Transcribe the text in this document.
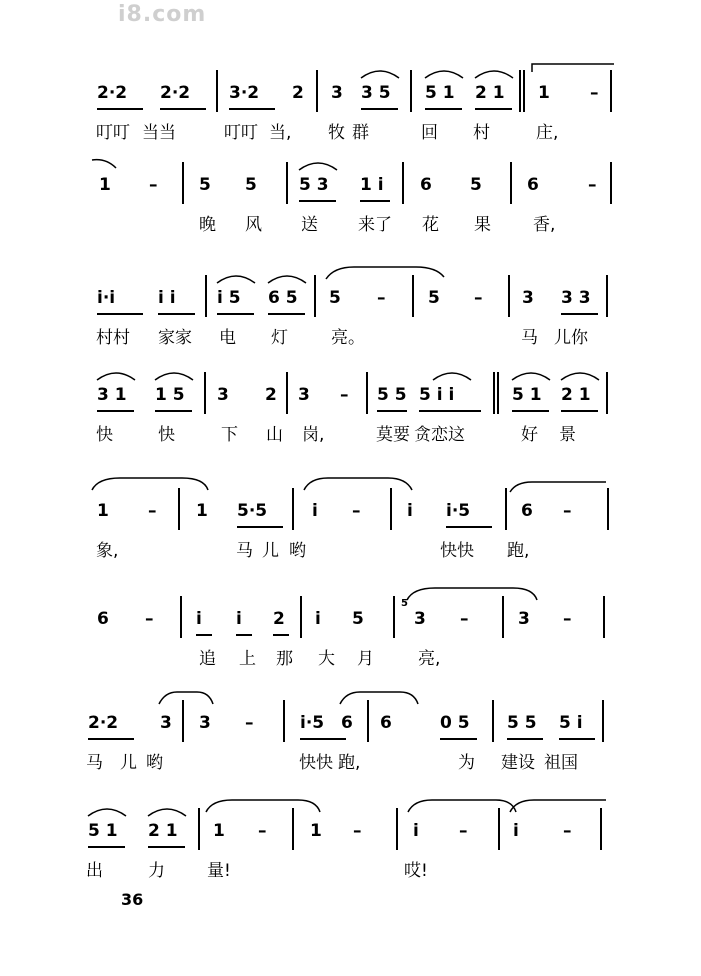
i8.com
2·2 2·2 3·2 2 3 3 5 5 1 2 1 1 –

叮叮

当当

	叮叮

当,

牧

群

	回

村

	庄,

1 – 5 5 5 3 1 i 6 5	6	–

晚

风

送

来了

花

果

香,

i·i	i i i 5 6 5 5 –	5 – 3 3 3

村村

家家

电

灯

	亮。

	马

儿你

3 1 1 5 3 2 3 – 5 5 5 i i	5 1 2 1

快

	快

	下

山

岗,

	莫要

贪恋这

	好

景

1 – 1 5·5	i –	i i·5	6 –

象,

	马

儿

哟

	快快

跑,

6 –	i i 2 i 5
5
3 –	3 –

追

上

那

大

月

	亮,

2·2 3 3 –	i·5 6 6	0 5 5 5 5 i

马

儿

哟

	快快

跑,

	为

建设

祖国

5 1 2 1 1 –	1 –	i –	i	–

出

	力

量!

	哎!

36
